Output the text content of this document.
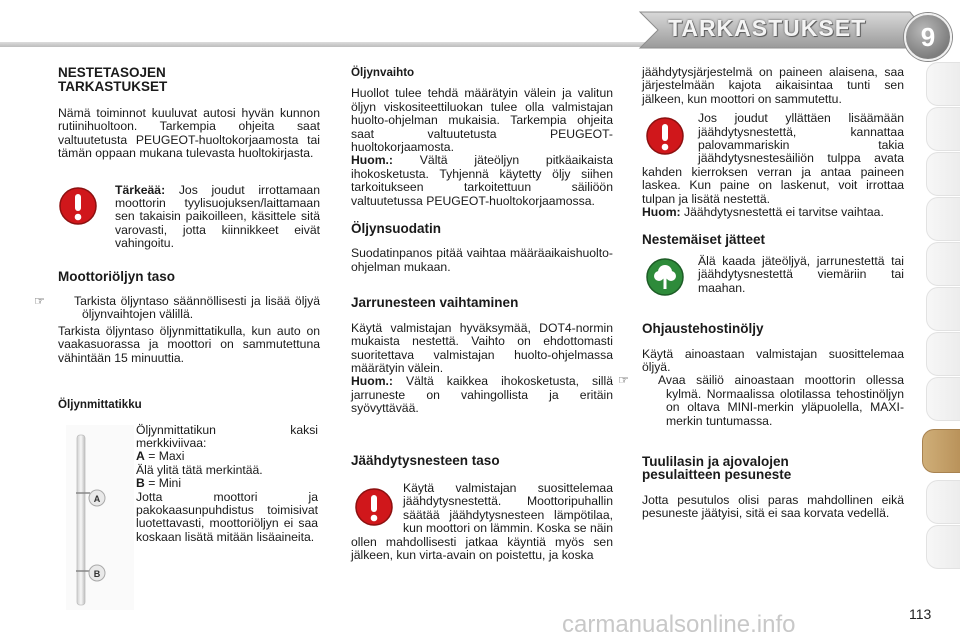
TARKASTUKSET	9
NESTETASOJEN
TARKASTUKSET

Nämä toiminnot kuuluvat autosi hyvän kunnon rutiinihuoltoon. Tarkempia ohjeita saat valtuutetusta PEUGEOT-huoltokorjaamosta tai tämän oppaan mukana tulevasta huoltokirjasta.

Tärkeää: Jos joudut irrottamaan moottorin tyylisuojuksen/laittamaan sen takaisin paikoilleen, käsittele sitä varovasti, jotta kiinnikkeet eivät vahingoitu.

Moottoriöljyn taso

☞ Tarkista öljyntaso säännöllisesti ja lisää öljyä öljynvaihtojen välillä.

Tarkista öljyntaso öljynmittatikulla, kun auto on vaakasuorassa ja moottori on sammutettuna vähintään 15 minuuttia.

Öljynmittatikku

Öljynmittatikun kaksi merkkiviivaa:

A = Maxi
Älä ylitä tätä merkintää.
B = Mini

Jotta moottori ja pakokaasunpuhdistus toimisivat luotettavasti, moottoriöljyn ei saa koskaan lisätä mitään lisäaineita.

A
B
Öljynvaihto

Huollot tulee tehdä määrätyin välein ja valitun öljyn viskositeettiluokan tulee olla valmistajan huolto-ohjelman mukaisia. Tarkempia ohjeita saat valtuutetusta PEUGEOT-huoltokorjaamosta.

Huom.: Vältä jäteöljyn pitkäaikaista ihokosketusta. Tyhjennä käytetty öljy siihen tarkoitukseen tarkoitettuun säiliöön valtuutetussa PEUGEOT-huoltokorjaamossa.

Öljynsuodatin

Suodatinpanos pitää vaihtaa määräaikaishuolto-ohjelman mukaan.

Jarrunesteen vaihtaminen

Käytä valmistajan hyväksymää, DOT4-normin mukaista nestettä. Vaihto on ehdottomasti suoritettava valmistajan huolto-ohjelmassa määrätyin välein.

Huom.: Vältä kaikkea ihokosketusta, sillä jarruneste on vahingollista ja eritäin syövyttävää.

Jäähdytysnesteen taso

Käytä valmistajan suosittelemaa jäähdytysnestettä. Moottoripuhallin säätää jäähdytysnesteen lämpötilaa, kun moottori on lämmin. Koska se näin ollen mahdollisesti jatkaa käyntiä myös sen jälkeen, kun virta-avain on poistettu, ja koska

jäähdytysjärjestelmä on paineen alaisena, saa järjestelmään kajota aikaisintaa tunti sen jälkeen, kun moottori on sammutettu.

Jos joudut yllättäen lisäämään jäähdytysnestettä, kannattaa palovammariskin takia jäähdytysnestesäiliön tulppa avata kahden kierroksen verran ja antaa paineen laskea. Kun paine on laskenut, voit irrottaa tulpan ja lisätä nestettä.

Huom: Jäähdytysnestettä ei tarvitse vaihtaa.

Nestemäiset jätteet

Älä kaada jäteöljyä, jarrunestettä tai jäähdytysnestettä viemäriin tai maahan.

Ohjaustehostinöljy

Käytä ainoastaan valmistajan suosittelemaa öljyä.

☞ Avaa säiliö ainoastaan moottorin ollessa kylmä. Normaalissa olotilassa tehostinöljyn on oltava MINI-merkin yläpuolella, MAXI-merkin tuntumassa.

Tuulilasin ja ajovalojen
pesulaitteen pesuneste

Jotta pesutulos olisi paras mahdollinen eikä pesuneste jäätyisi, sitä ei saa korvata vedellä.

carmanualsonline.info	113
